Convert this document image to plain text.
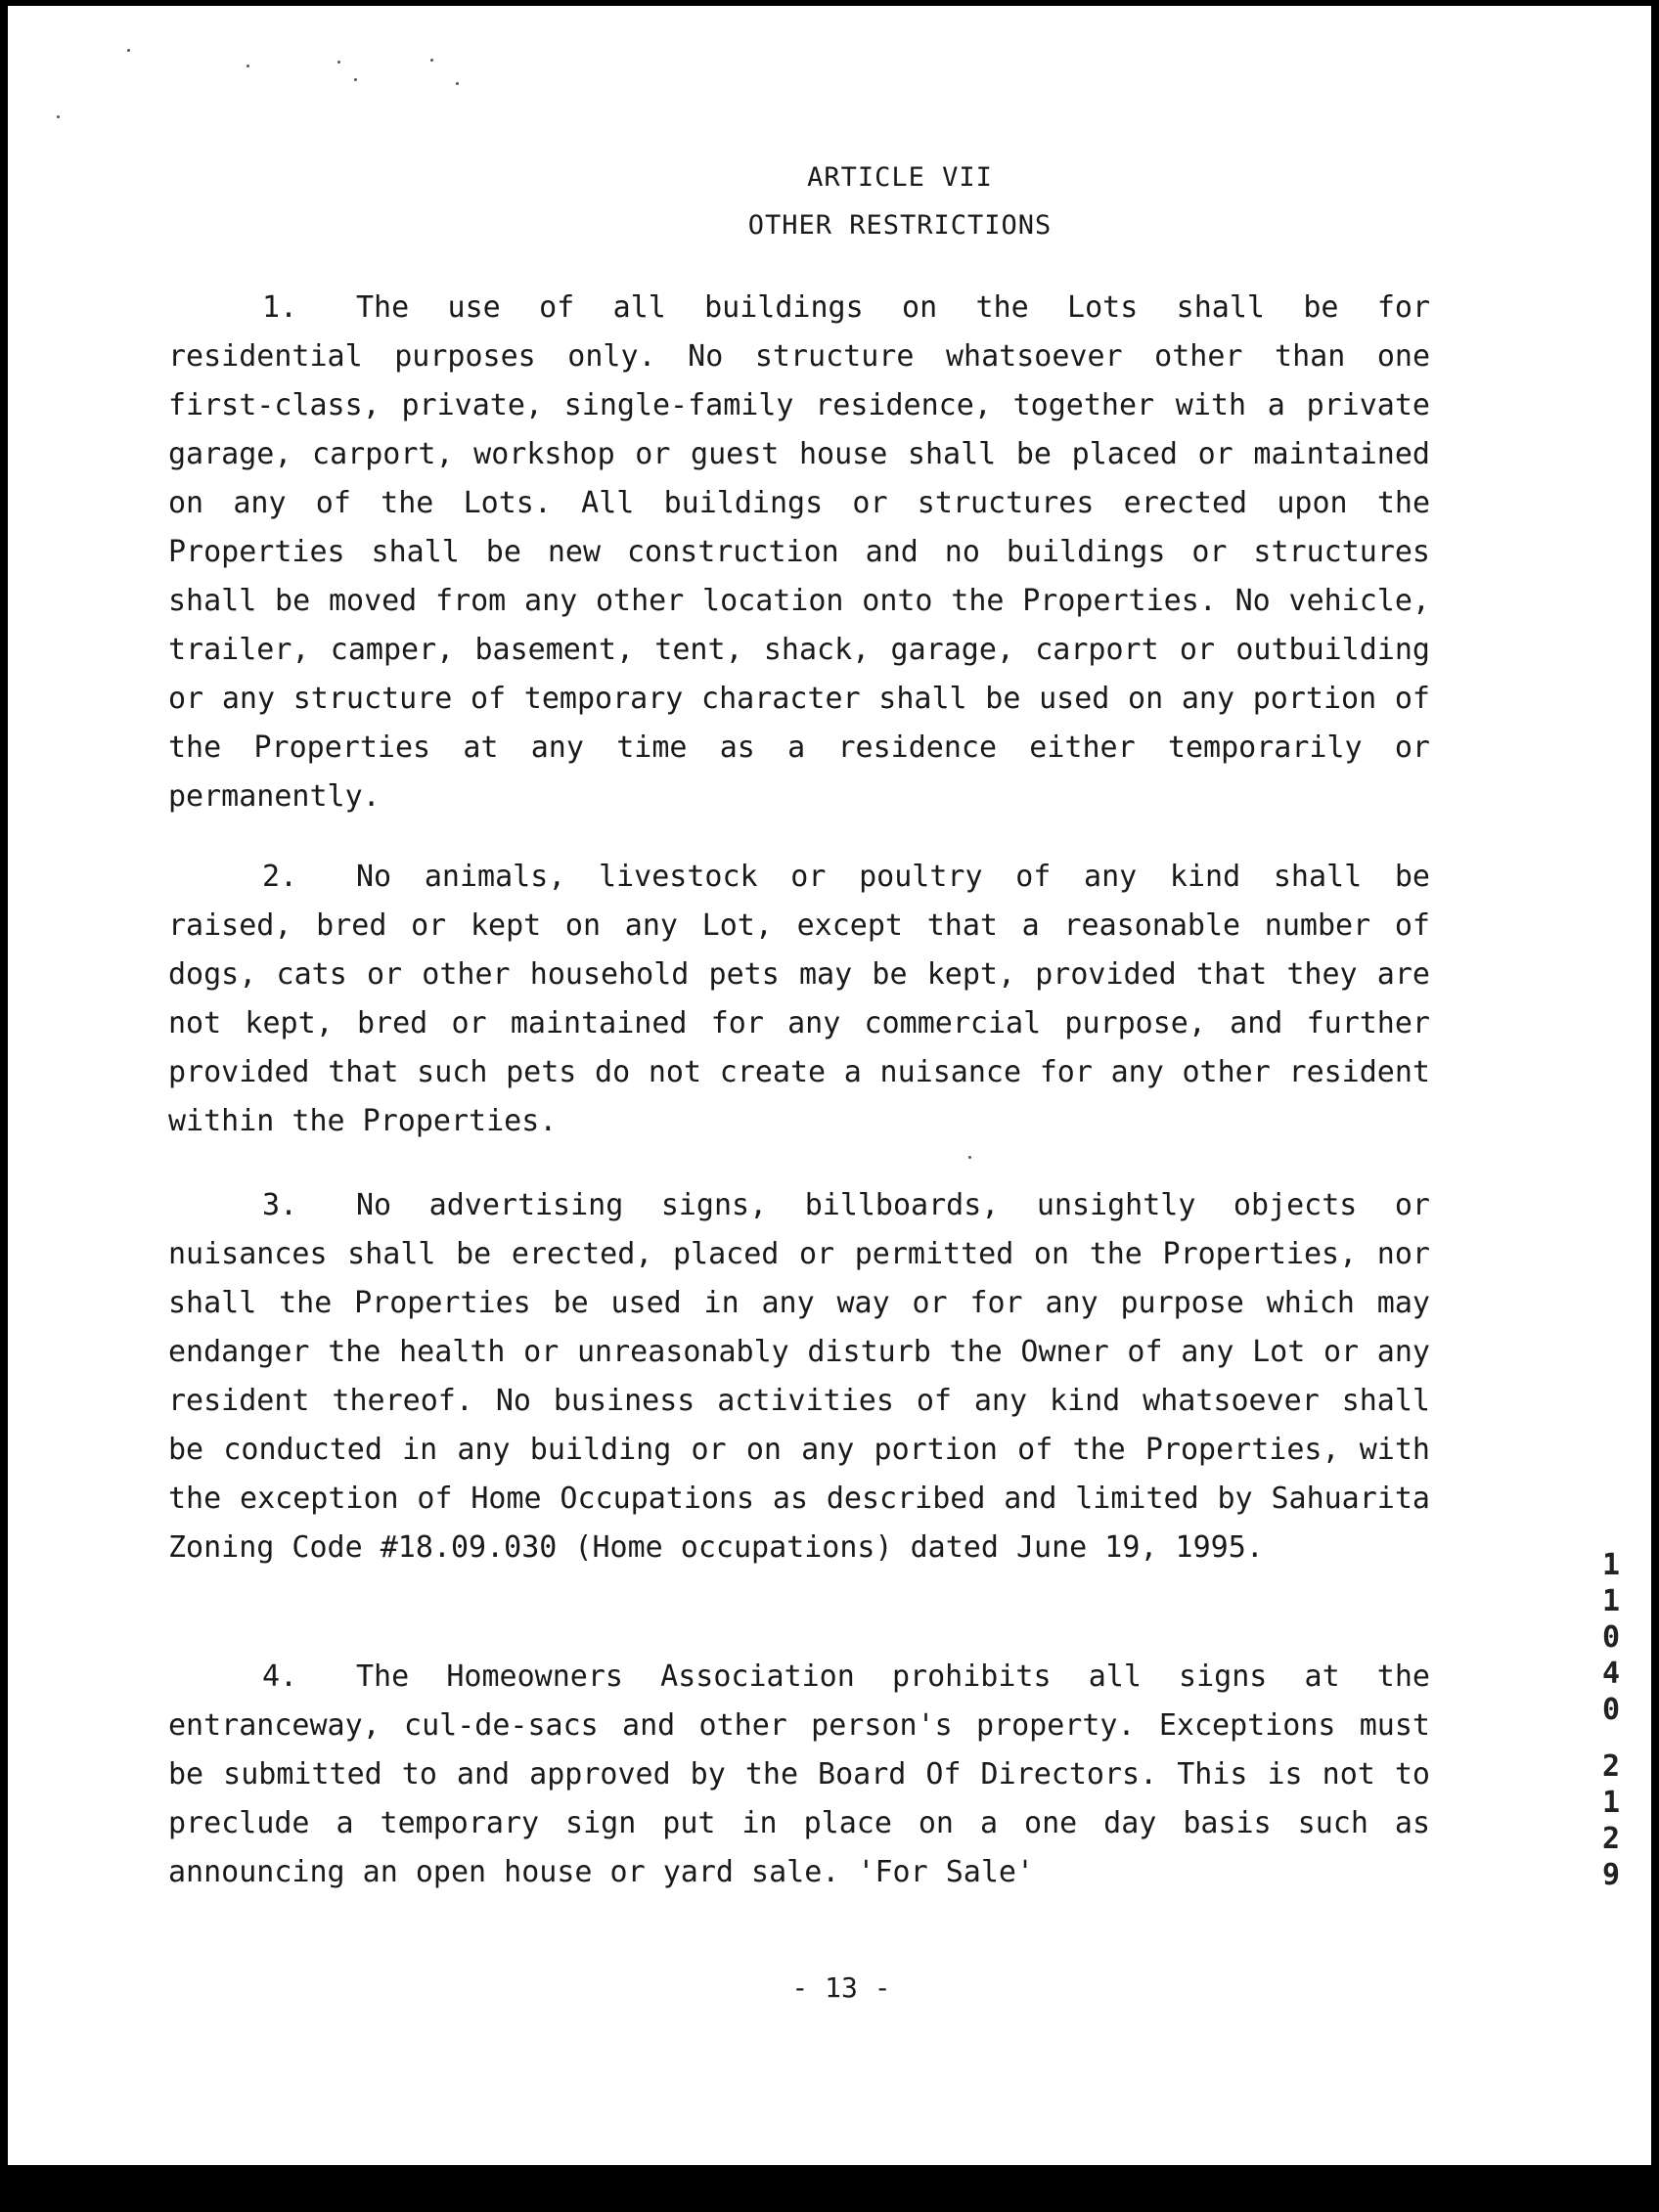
ARTICLE VII
OTHER RESTRICTIONS

1. The use of all buildings on the Lots shall be for residential purposes only. No structure whatsoever other than one first-class, private, single-family residence, together with a private garage, carport, workshop or guest house shall be placed or maintained on any of the Lots. All buildings or structures erected upon the Properties shall be new construction and no buildings or structures shall be moved from any other location onto the Properties. No vehicle, trailer, camper, basement, tent, shack, garage, carport or outbuilding or any structure of temporary character shall be used on any portion of the Properties at any time as a residence either temporarily or permanently.

2. No animals, livestock or poultry of any kind shall be raised, bred or kept on any Lot, except that a reasonable number of dogs, cats or other household pets may be kept, provided that they are not kept, bred or maintained for any commercial purpose, and further provided that such pets do not create a nuisance for any other resident within the Properties.

3. No advertising signs, billboards, unsightly objects or nuisances shall be erected, placed or permitted on the Properties, nor shall the Properties be used in any way or for any purpose which may endanger the health or unreasonably disturb the Owner of any Lot or any resident thereof. No business activities of any kind whatsoever shall be conducted in any building or on any portion of the Properties, with the exception of Home Occupations as described and limited by Sahuarita Zoning Code #18.09.030 (Home occupations) dated June 19, 1995.

4. The Homeowners Association prohibits all signs at the entranceway, cul-de-sacs and other person's property. Exceptions must be submitted to and approved by the Board Of Directors. This is not to preclude a temporary sign put in place on a one day basis such as announcing an open house or yard sale. 'For Sale'

- 13 -
11040
2129
